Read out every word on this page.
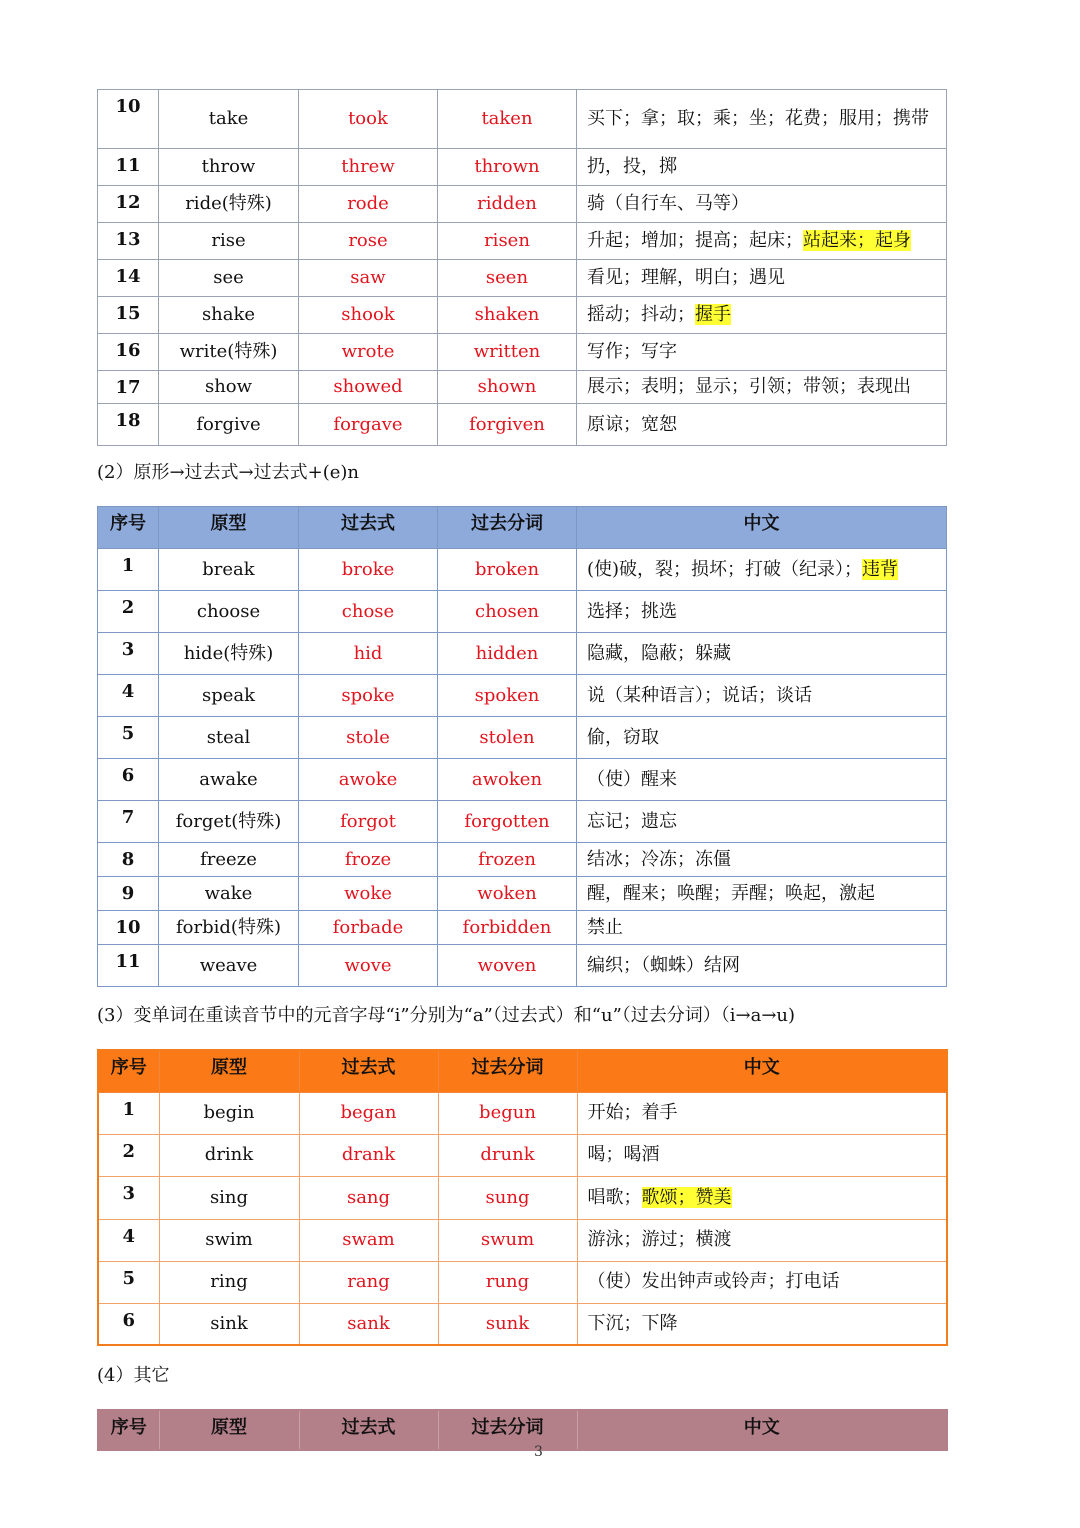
10	take	took	taken	买下；拿；取；乘；坐；花费；服用；携带
11	throw	threw	thrown	扔，投，掷
12	ride(特殊)	rode	ridden	骑（自行车、马等）
13	rise	rose	risen	升起；增加；提高；起床；站起来；起身
14	see	saw	seen	看见；理解，明白；遇见
15	shake	shook	shaken	摇动；抖动；握手
16	write(特殊)	wrote	written	写作；写字
17	show	showed	shown	展示；表明；显示；引领；带领；表现出
18	forgive	forgave	forgiven	原谅；宽恕

(2）原形→过去式→过去式+(e)n

序号	原型	过去式	过去分词	中文
1	break	broke	broken	(使)破，裂；损坏；打破（纪录）；违背
2	choose	chose	chosen	选择；挑选
3	hide(特殊)	hid	hidden	隐藏，隐蔽；躲藏
4	speak	spoke	spoken	说（某种语言）；说话；谈话
5	steal	stole	stolen	偷，窃取
6	awake	awoke	awoken	（使）醒来
7	forget(特殊)	forgot	forgotten	忘记；遗忘
8	freeze	froze	frozen	结冰；冷冻；冻僵
9	wake	woke	woken	醒，醒来；唤醒；弄醒；唤起，激起
10	forbid(特殊)	forbade	forbidden	禁止
11	weave	wove	woven	编织；（蜘蛛）结网

(3）变单词在重读音节中的元音字母“i”分别为“a”（过去式）和“u”（过去分词）（i→a→u)

序号	原型	过去式	过去分词	中文
1	begin	began	begun	开始；着手
2	drink	drank	drunk	喝；喝酒
3	sing	sang	sung	唱歌；歌颂；赞美
4	swim	swam	swum	游泳；游过；横渡
5	ring	rang	rung	（使）发出钟声或铃声；打电话
6	sink	sank	sunk	下沉；下降

(4）其它

序号	原型	过去式	过去分词	中文
3
